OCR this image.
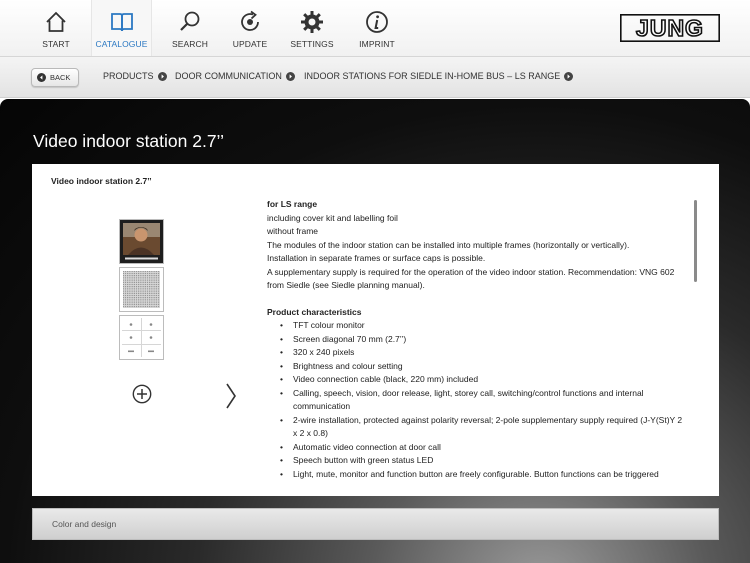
START	CATALOGUE	SEARCH	UPDATE	SETTINGS	IMPRINT
JUNG
BACK	PRODUCTS DOOR COMMUNICATION INDOOR STATIONS FOR SIEDLE IN-HOME BUS – LS RANGE
Video indoor station 2.7’’
Video indoor station 2.7’’

for LS range

including cover kit and labelling foil

without frame

The modules of the indoor station can be installed into multiple frames (horizontally or vertically).

Installation in separate frames or surface caps is possible.

A supplementary supply is required for the operation of the video indoor station. Recommendation: VNG 602 from Siedle (see Siedle planning manual).

Product characteristics

• TFT colour monitor
• Screen diagonal 70 mm (2.7’’)
• 320 x 240 pixels
• Brightness and colour setting
• Video connection cable (black, 220 mm) included
• Calling, speech, vision, door release, light, storey call, switching/control functions and internal communication
• 2-wire installation, protected against polarity reversal; 2-pole supplementary supply required (J-Y(St)Y 2 x 2 x 0.8)
• Automatic video connection at door call
• Speech button with green status LED
• Light, mute, monitor and function button are freely configurable. Button functions can be triggered
Color and design
